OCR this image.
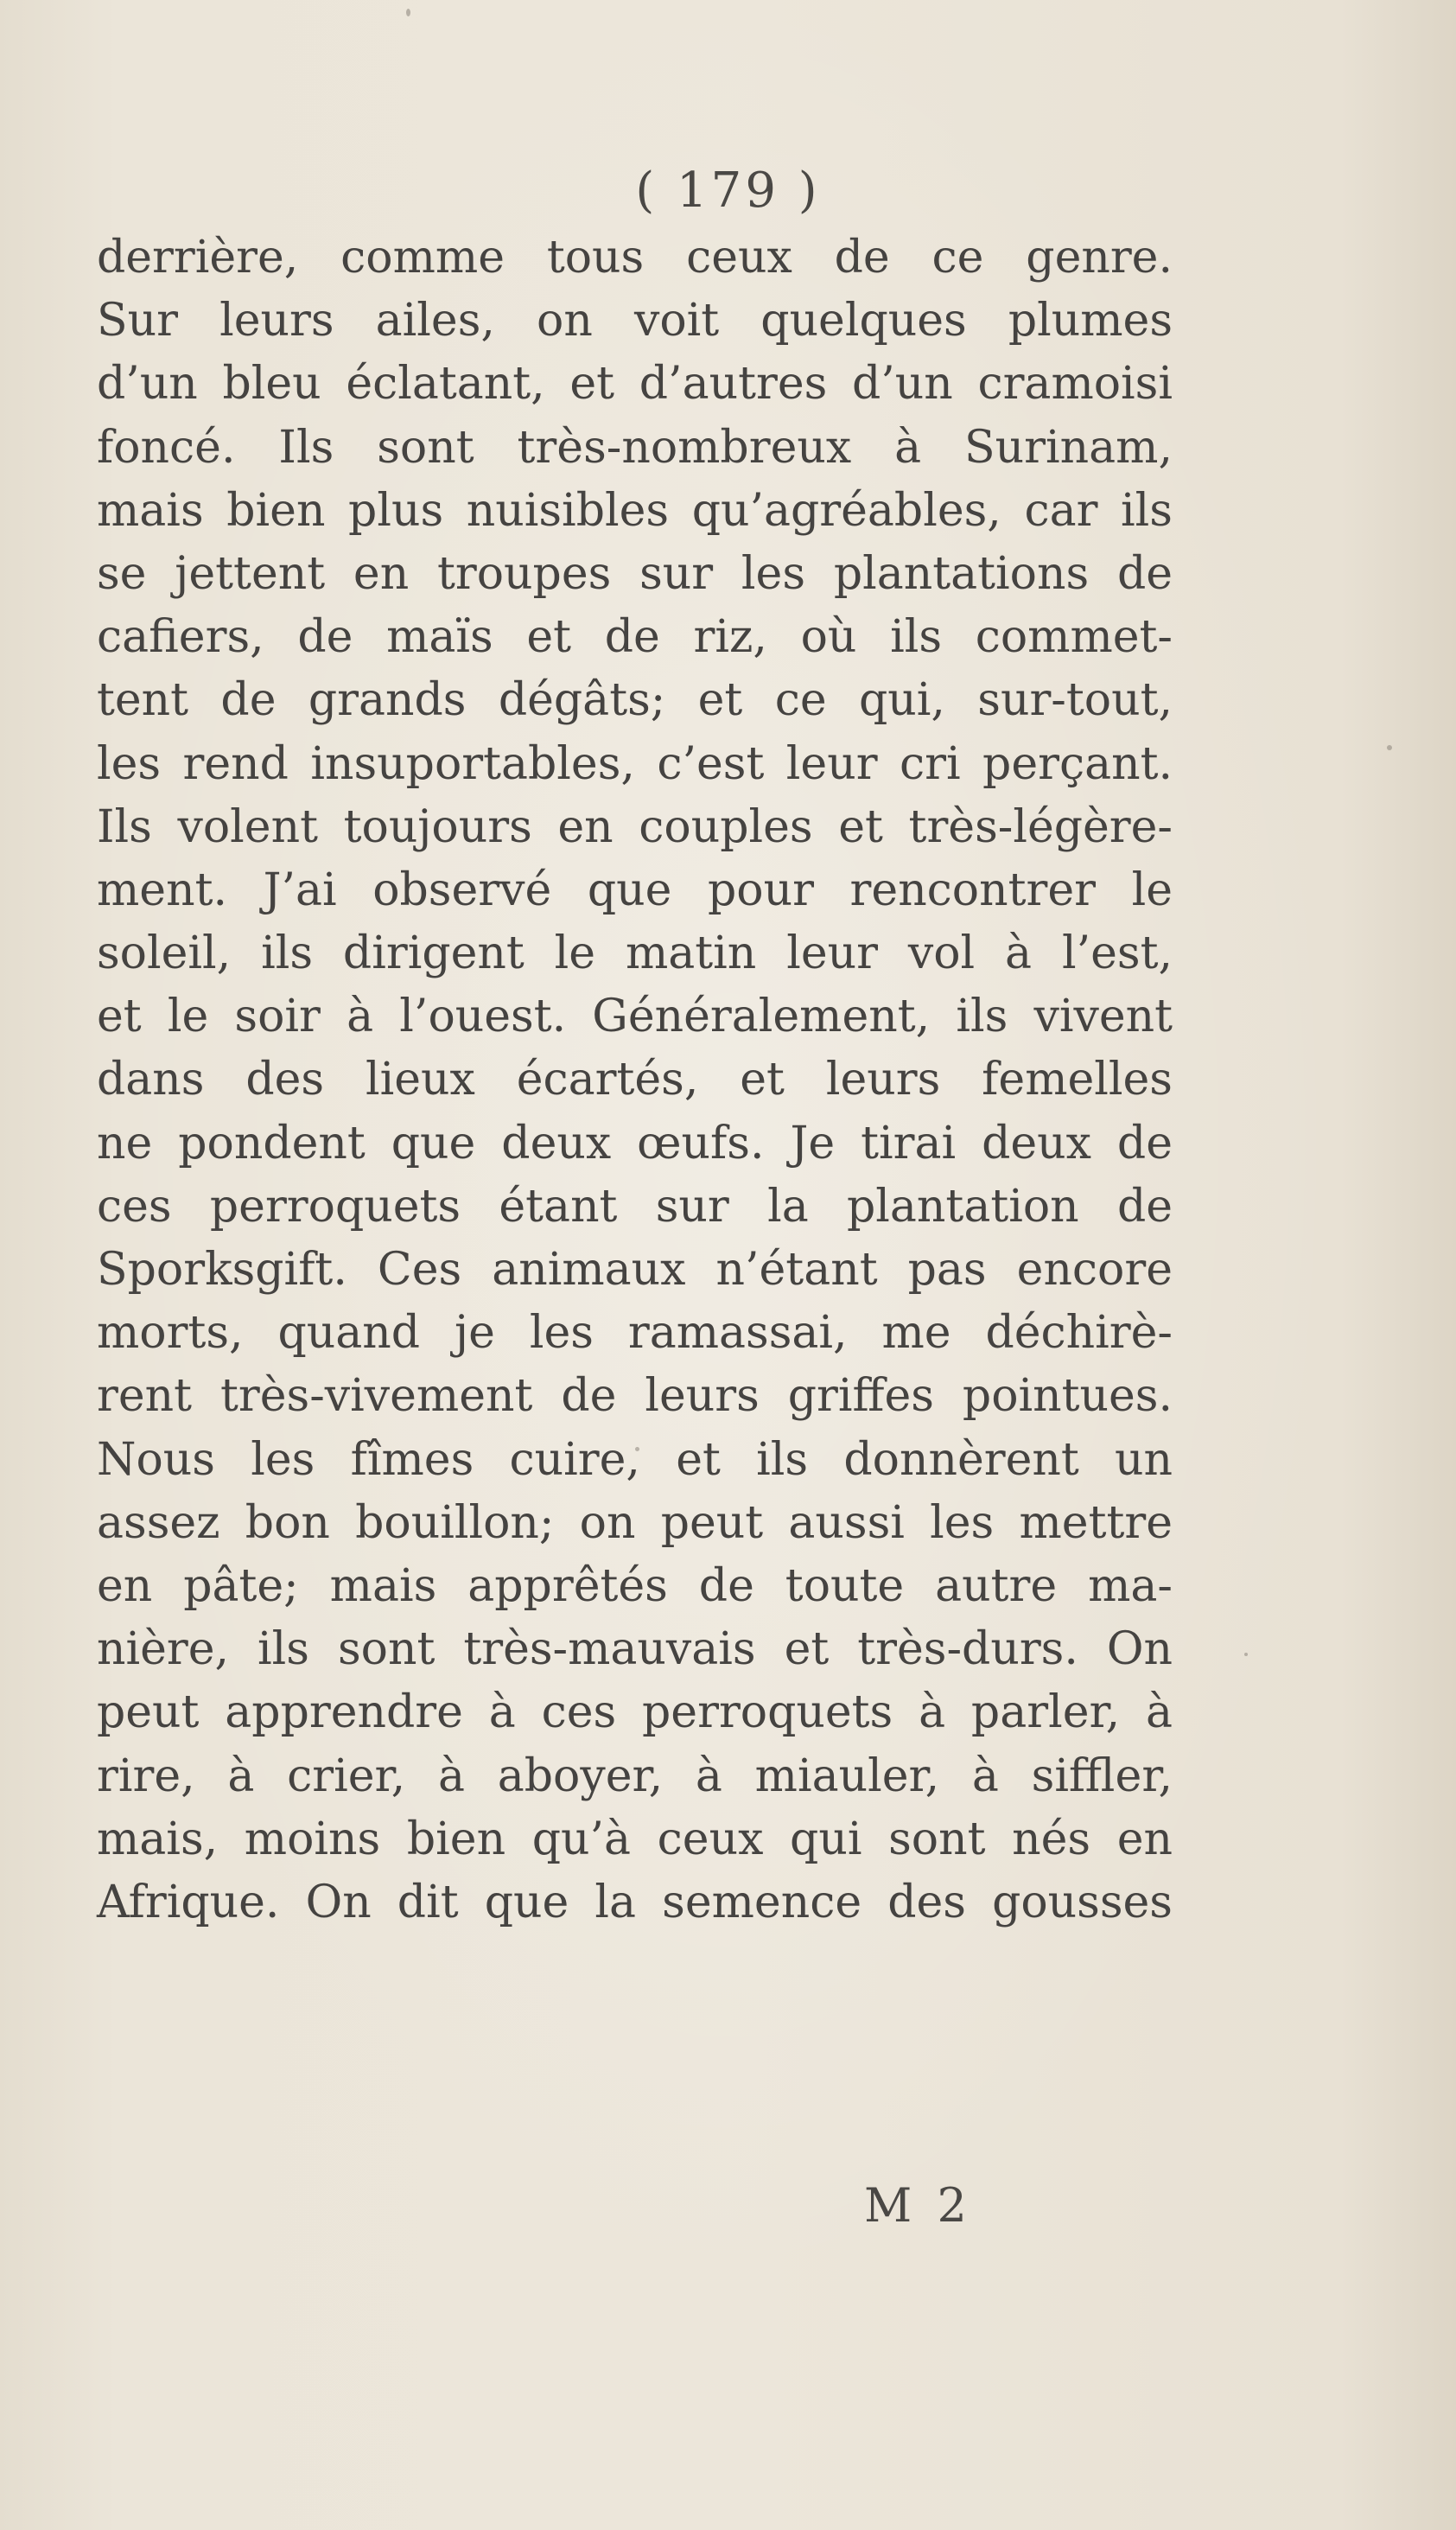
( 179 )
derrière, comme tous ceux de ce genre.
Sur leurs ailes, on voit quelques plumes
d’un bleu éclatant, et d’autres d’un cramoisi
foncé. Ils sont très-nombreux à Surinam,
mais bien plus nuisibles qu’agréables, car ils
se jettent en troupes sur les plantations de
cafiers, de maïs et de riz, où ils commet-
tent de grands dégâts; et ce qui, sur-tout,
les rend insuportables, c’est leur cri perçant.
Ils volent toujours en couples et très-légère-
ment. J’ai observé que pour rencontrer le
soleil, ils dirigent le matin leur vol à l’est,
et le soir à l’ouest. Généralement, ils vivent
dans des lieux écartés, et leurs femelles
ne pondent que deux œufs. Je tirai deux de
ces perroquets étant sur la plantation de
Sporksgift. Ces animaux n’étant pas encore
morts, quand je les ramassai, me déchirè-
rent très-vivement de leurs griffes pointues.
Nous les fîmes cuire, et ils donnèrent un
assez bon bouillon; on peut aussi les mettre
en pâte; mais apprêtés de toute autre ma-
nière, ils sont très-mauvais et très-durs. On
peut apprendre à ces perroquets à parler, à
rire, à crier, à aboyer, à miauler, à siffler,
mais, moins bien qu’à ceux qui sont nés en
Afrique. On dit que la semence des gousses
M 2
